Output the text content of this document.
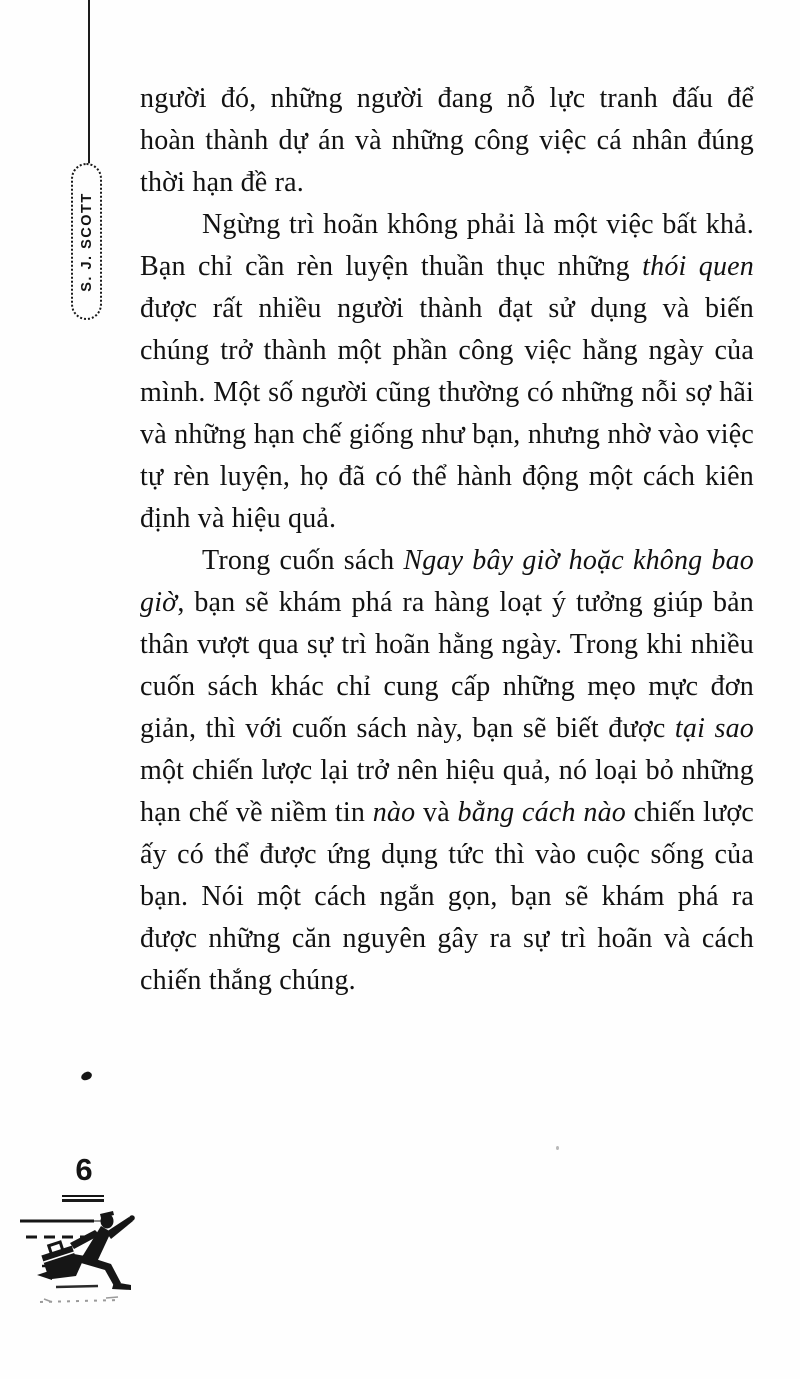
S. J. SCOTT

người đó, những người đang nỗ lực tranh đấu để hoàn thành dự án và những công việc cá nhân đúng thời hạn đề ra.

Ngừng trì hoãn không phải là một việc bất khả. Bạn chỉ cần rèn luyện thuần thục những thói quen được rất nhiều người thành đạt sử dụng và biến chúng trở thành một phần công việc hằng ngày của mình. Một số người cũng thường có những nỗi sợ hãi và những hạn chế giống như bạn, nhưng nhờ vào việc tự rèn luyện, họ đã có thể hành động một cách kiên định và hiệu quả.

Trong cuốn sách Ngay bây giờ hoặc không bao giờ, bạn sẽ khám phá ra hàng loạt ý tưởng giúp bản thân vượt qua sự trì hoãn hằng ngày. Trong khi nhiều cuốn sách khác chỉ cung cấp những mẹo mực đơn giản, thì với cuốn sách này, bạn sẽ biết được tại sao một chiến lược lại trở nên hiệu quả, nó loại bỏ những hạn chế về niềm tin nào và bằng cách nào chiến lược ấy có thể được ứng dụng tức thì vào cuộc sống của bạn. Nói một cách ngắn gọn, bạn sẽ khám phá ra được những căn nguyên gây ra sự trì hoãn và cách chiến thắng chúng.

6
